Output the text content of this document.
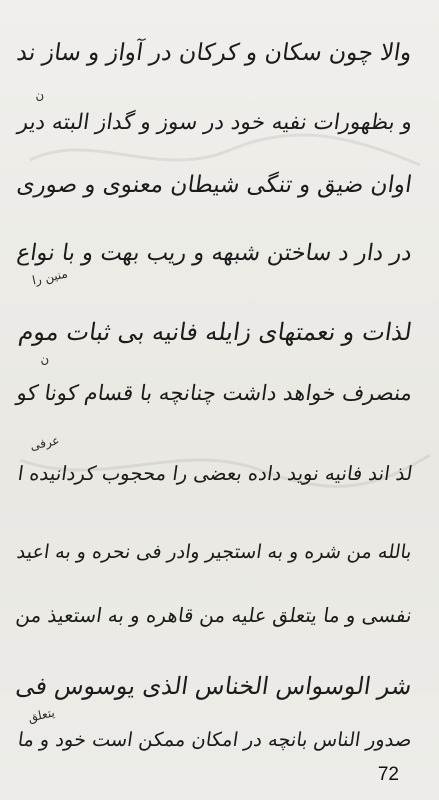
والا چون سکان و کرکان در آواز و ساز ند
و بظهورات نفیه خود در سوز و گداز البته دیر
اوان ضیق و تنگی شیطان معنوی و صوری
در دار د ساختن شبهه و ریب بهت و با نواع
لذات و نعمتهای زایله فانیه بی ثبات موم
منصرف خواهد داشت چنانچه با قسام کونا کو
لذ اند فانیه نوید داده بعضی را محجوب کردانیده ا
بالله من شره و به استجیر وادر فی نحره و به اعید
نفسی و ما یتعلق علیه من قاهره و به استعیذ من
شر الوسواس الخناس الذی یوسوس فی
صدور الناس بانچه در امکان ممکن است خود و ما
ن
منین را
ن
عرفی
یتعلق
72
